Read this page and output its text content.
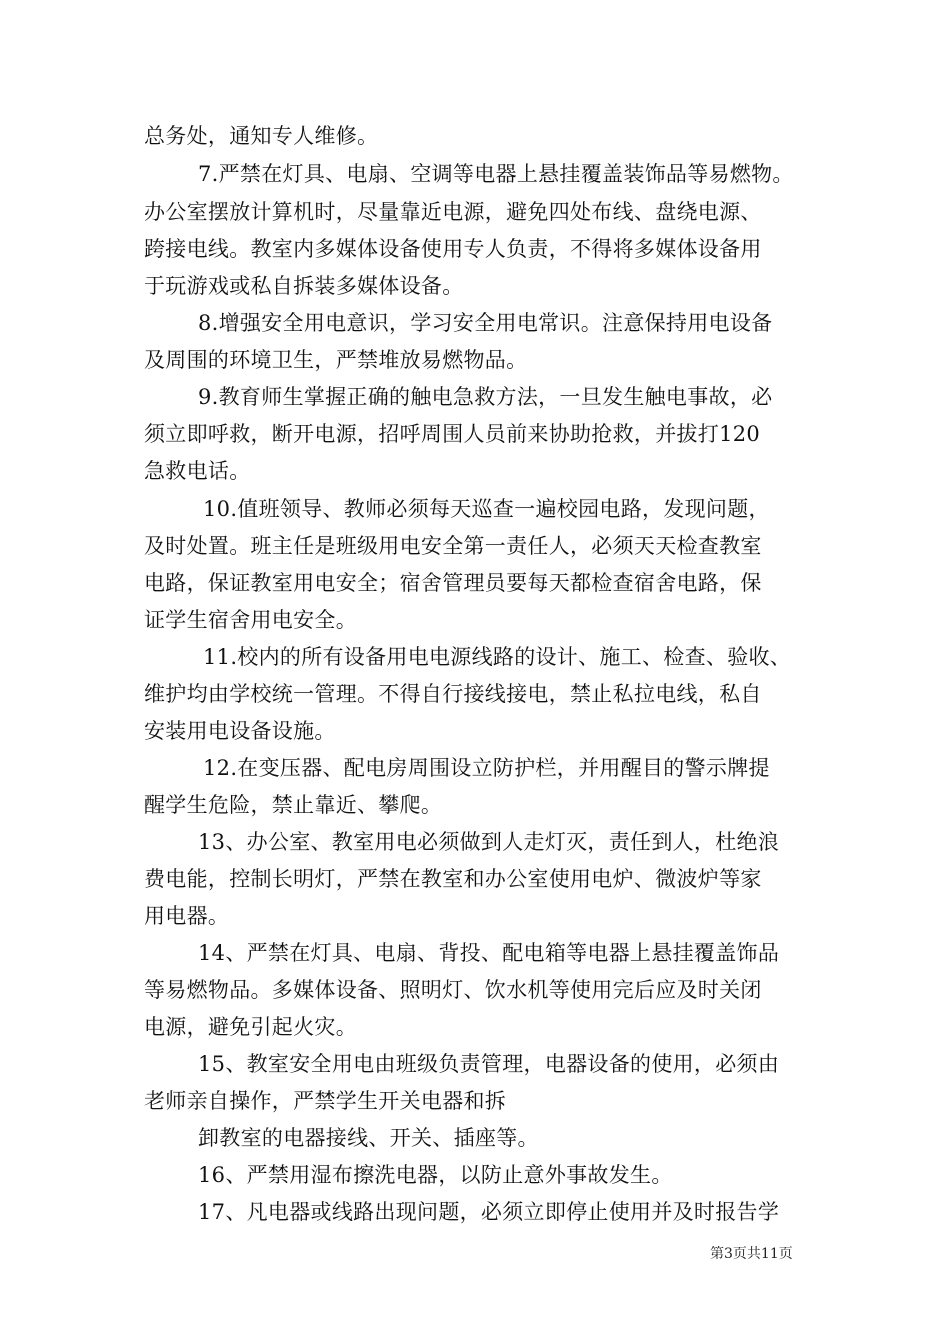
总务处，通知专人维修。
7.严禁在灯具、电扇、空调等电器上悬挂覆盖装饰品等易燃物。
办公室摆放计算机时，尽量靠近电源，避免四处布线、盘绕电源、
跨接电线。教室内多媒体设备使用专人负责，不得将多媒体设备用
于玩游戏或私自拆装多媒体设备。
8.增强安全用电意识，学习安全用电常识。注意保持用电设备
及周围的环境卫生，严禁堆放易燃物品。
9.教育师生掌握正确的触电急救方法，一旦发生触电事故，必
须立即呼救，断开电源，招呼周围人员前来协助抢救，并拔打120
急救电话。
10.值班领导、教师必须每天巡查一遍校园电路，发现问题，
及时处置。班主任是班级用电安全第一责任人，必须天天检查教室
电路，保证教室用电安全；宿舍管理员要每天都检查宿舍电路，保
证学生宿舍用电安全。
11.校内的所有设备用电电源线路的设计、施工、检查、验收、
维护均由学校统一管理。不得自行接线接电，禁止私拉电线，私自
安装用电设备设施。
12.在变压器、配电房周围设立防护栏，并用醒目的警示牌提
醒学生危险，禁止靠近、攀爬。
13、办公室、教室用电必须做到人走灯灭，责任到人，杜绝浪
费电能，控制长明灯，严禁在教室和办公室使用电炉、微波炉等家
用电器。
14、严禁在灯具、电扇、背投、配电箱等电器上悬挂覆盖饰品
等易燃物品。多媒体设备、照明灯、饮水机等使用完后应及时关闭
电源，避免引起火灾。
15、教室安全用电由班级负责管理，电器设备的使用，必须由
老师亲自操作，严禁学生开关电器和拆
卸教室的电器接线、开关、插座等。
16、严禁用湿布擦洗电器，以防止意外事故发生。
17、凡电器或线路出现问题，必须立即停止使用并及时报告学
第3页共11页
